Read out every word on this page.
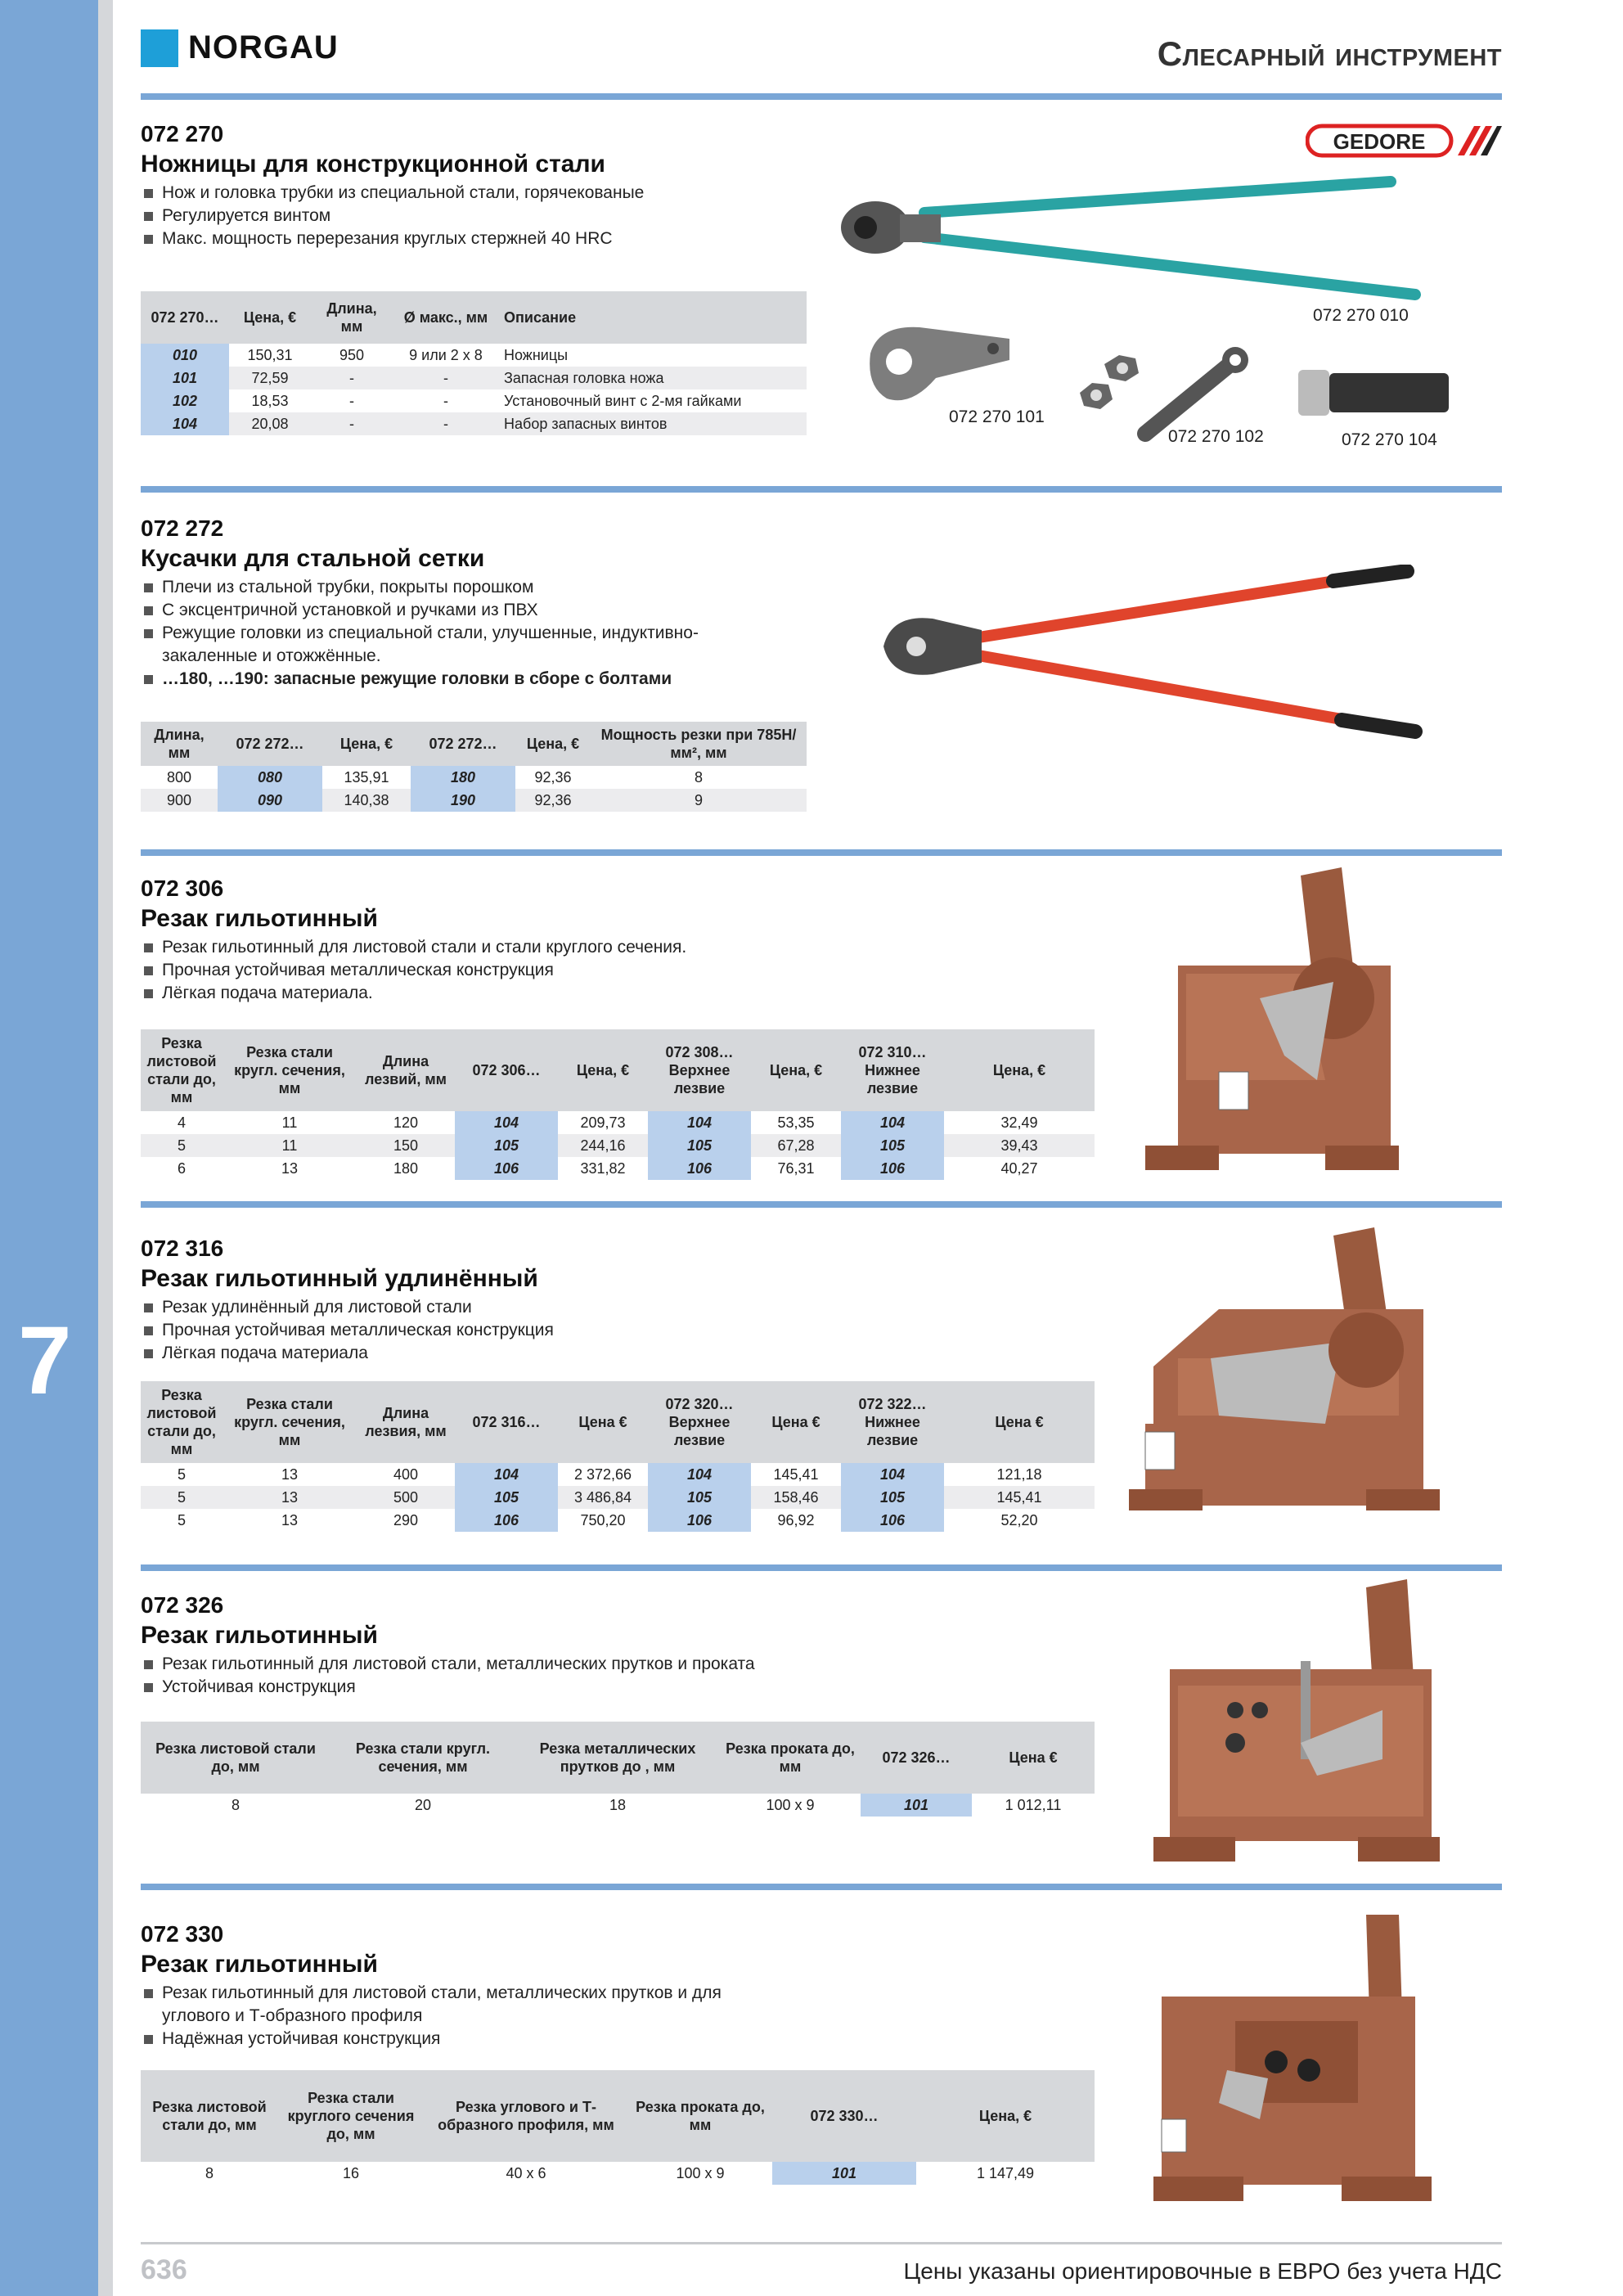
7
NORGAU	Слесарный инструмент
072 270
Ножницы для конструкционной стали
Нож и головка трубки из специальной стали, горячекованые
Регулируется винтом
Макс. мощность перерезания круглых стержней 40 HRC
072 270…	Цена, €	Длина, мм	Ø макс., мм	Описание
010	150,31	950	9 или 2 x 8	Ножницы
101	72,59	-	-	Запасная головка ножа
102	18,53	-	-	Установочный винт с 2-мя гайками
104	20,08	-	-	Набор запасных винтов
GEDORE
072 270 010
072 270 101
072 270 102	072 270 104
072 272
Кусачки для стальной сетки
Плечи из стальной трубки, покрыты порошком
С эксцентричной установкой и ручками из ПВХ
Режущие головки из специальной стали, улучшенные, индуктивно-
закаленные и отожжённые.
…180, …190: запасные режущие головки в сборе с болтами
Длина, мм	072 272…	Цена, €	072 272…	Цена, €	Мощность резки при 785Н/мм², мм
800	080	135,91	180	92,36	8
900	090	140,38	190	92,36	9
072 306
Резак гильотинный
Резак гильотинный для листовой стали и стали круглого сечения.
Прочная устойчивая металлическая конструкция
Лёгкая подача материала.
Резка листовой стали до, мм	Резка стали кругл. сечения, мм	Длина лезвий, мм	072 306…	Цена, €	072 308… Верхнее лезвие	Цена, €	072 310… Нижнее лезвие	Цена, €
4	11	120	104	209,73	104	53,35	104	32,49
5	11	150	105	244,16	105	67,28	105	39,43
6	13	180	106	331,82	106	76,31	106	40,27
072 316
Резак гильотинный удлинённый
Резак удлинённый для листовой стали
Прочная устойчивая металлическая конструкция
Лёгкая подача материала
Резка листовой стали до, мм	Резка стали кругл. сечения, мм	Длина лезвия, мм	072 316…	Цена €	072 320… Верхнее лезвие	Цена €	072 322… Нижнее лезвие	Цена €
5	13	400	104	2 372,66	104	145,41	104	121,18
5	13	500	105	3 486,84	105	158,46	105	145,41
5	13	290	106	750,20	106	96,92	106	52,20
072 326
Резак гильотинный
Резак гильотинный для листовой стали, металлических прутков и проката
Устойчивая конструкция
Резка листовой стали до, мм	Резка стали кругл. сечения, мм	Резка металлических прутков до , мм	Резка проката до, мм	072 326…	Цена €
8	20	18	100 x 9	101	1 012,11
072 330
Резак гильотинный
Резак гильотинный для листовой стали, металлических прутков и для
углового и Т-образного профиля
Надёжная устойчивая конструкция
Резка листовой стали до, мм	Резка стали круглого сечения до, мм	Резка углового и Т-образного профиля, мм	Резка проката до, мм	072 330…	Цена, €
8	16	40 x 6	100 x 9	101	1 147,49
636	Цены указаны ориентировочные в ЕВРО без учета НДС
